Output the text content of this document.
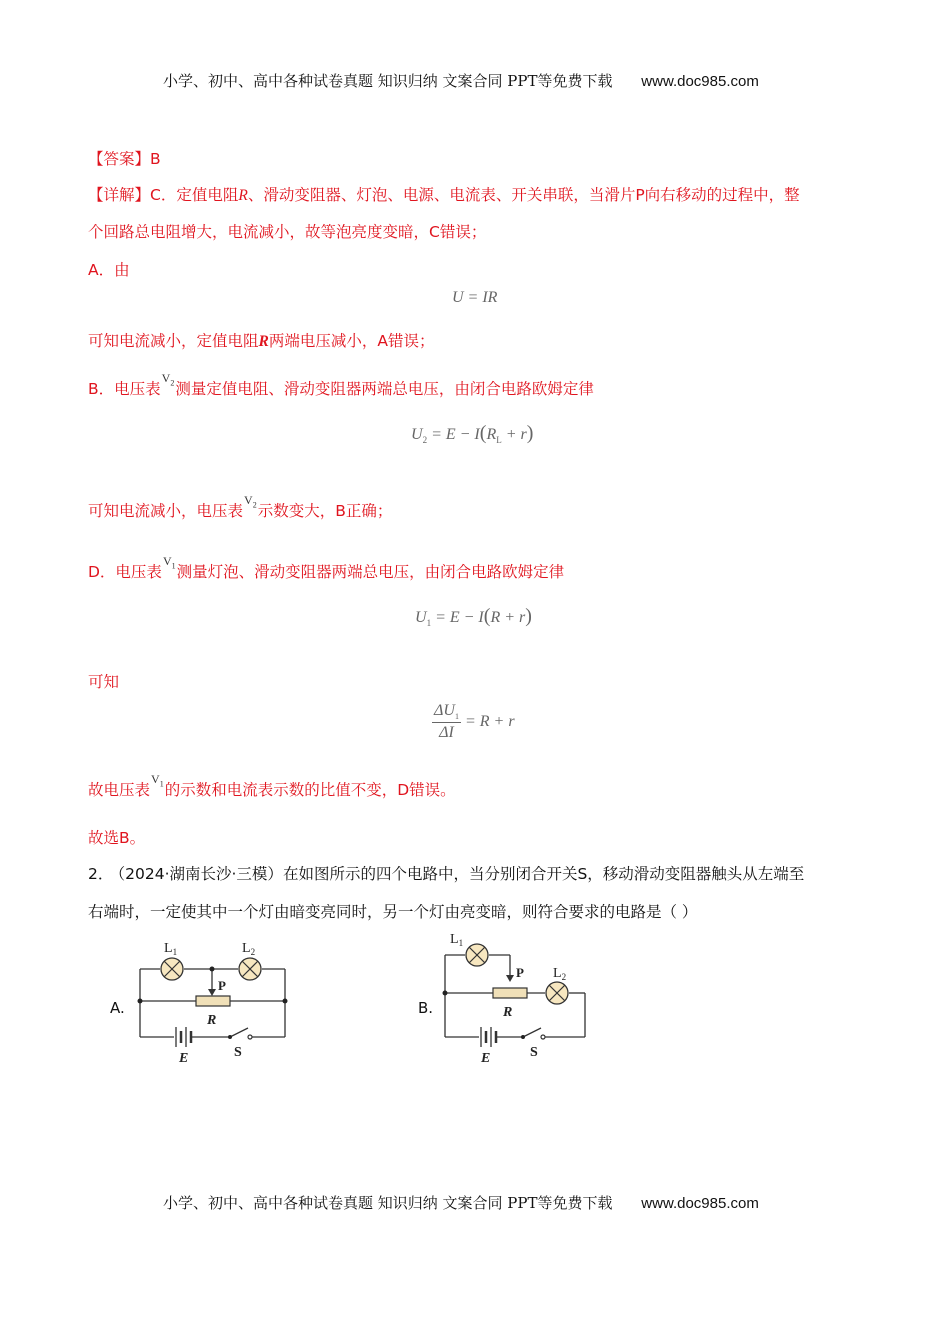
小学、初中、高中各种试卷真题 知识归纳 文案合同 PPT等免费下载 www.doc985.com
【答案】B
【详解】C．定值电阻R、滑动变阻器、灯泡、电源、电流表、开关串联，当滑片P向右移动的过程中，整
个回路总电阻增大，电流减小，故等泡亮度变暗，C错误；
A．由
U = IR
可知电流减小，定值电阻R两端电压减小，A错误；
B．电压表$^{V_2}$测量定值电阻、滑动变阻器两端总电压，由闭合电路欧姆定律
$U_2 = E - I(R_L + r)$
可知电流减小，电压表$^{V_2}$示数变大，B正确；
D．电压表$^{V_1}$测量灯泡、滑动变阻器两端总电压，由闭合电路欧姆定律
$U_1 = E - I(R + r)$
可知
$\frac{\Delta U_1}{\Delta I} = R + r$
故电压表$^{V_1}$的示数和电流表示数的比值不变，D错误。
故选B。
2． （2024·湖南长沙·三模）在如图所示的四个电路中，当分别闭合开关S，移动滑动变阻器触头从左端至
右端时，一定使其中一个灯由暗变亮同时，另一个灯由亮变暗，则符合要求的电路是（ ）
A.
$L_1$	$L_2$
P
R
E	S
B.
$L_1$
$L_2$
P
R
E	S
小学、初中、高中各种试卷真题 知识归纳 文案合同 PPT等免费下载 www.doc985.com
